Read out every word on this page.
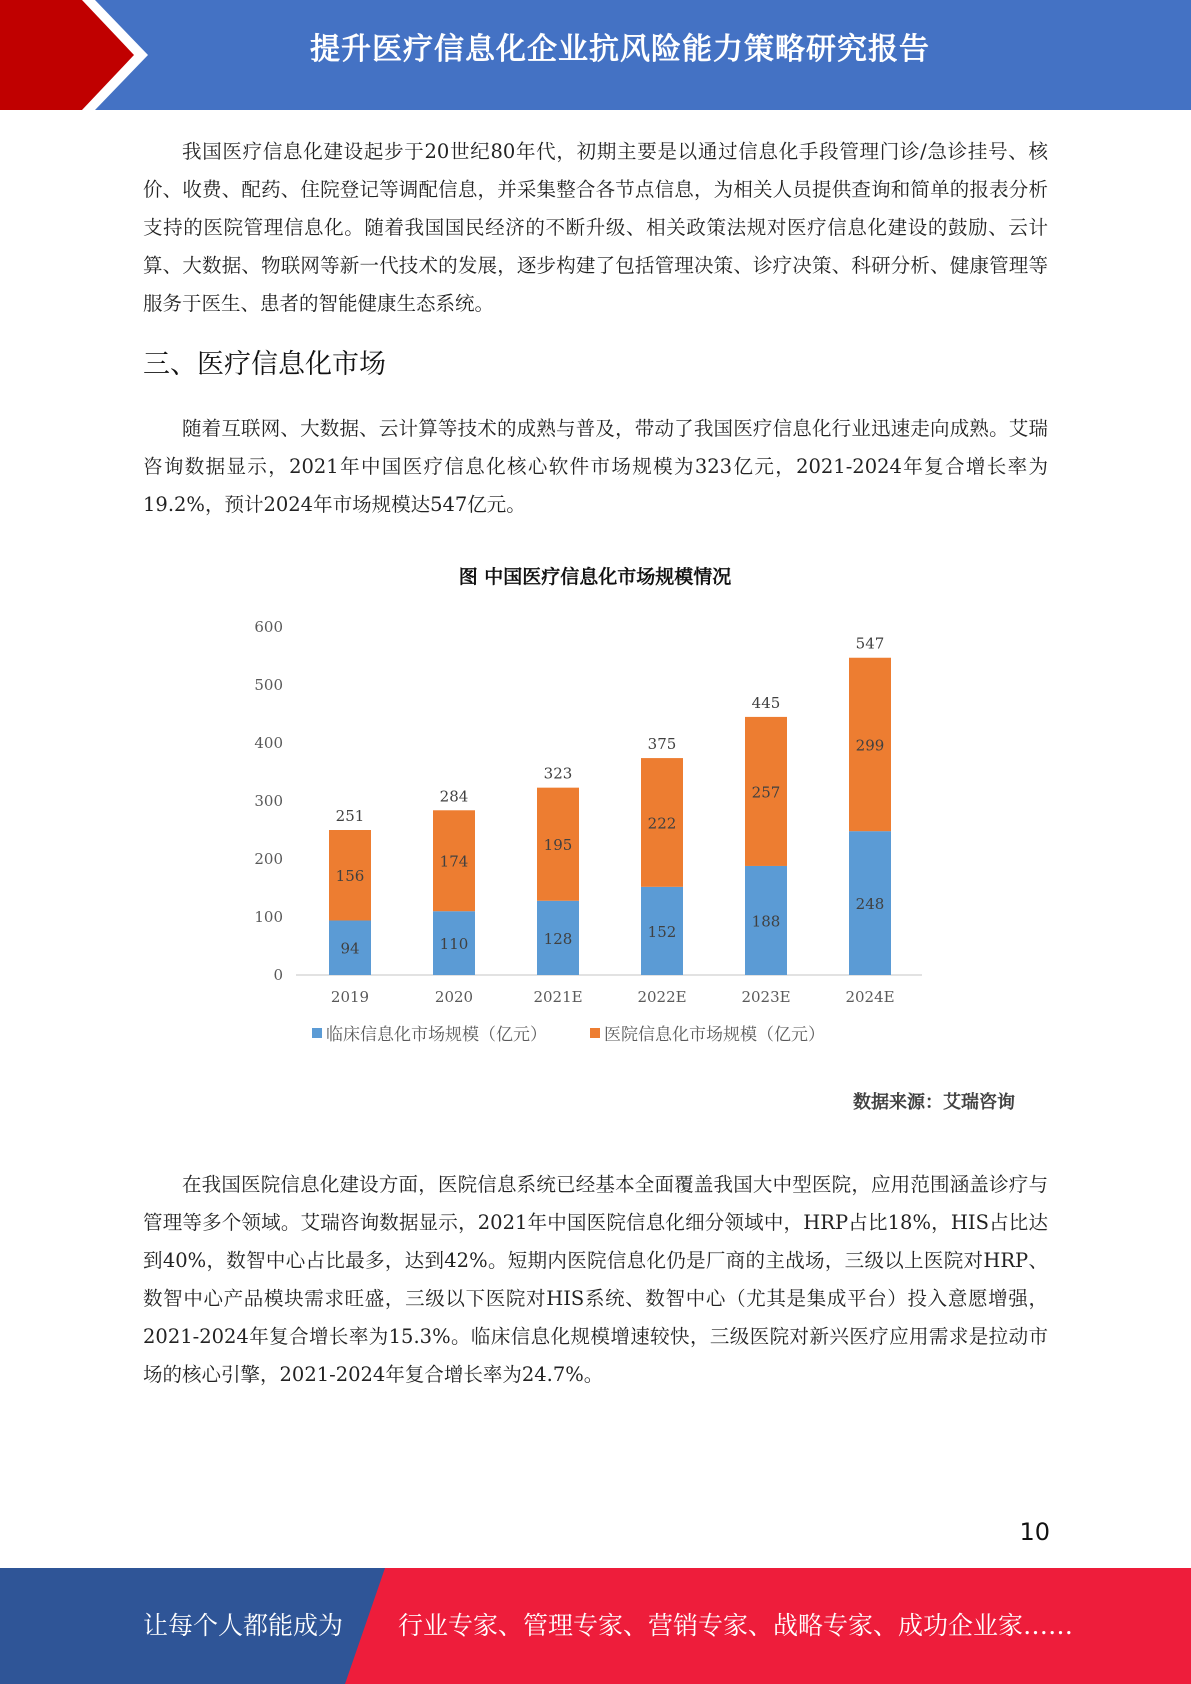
提升医疗信息化企业抗风险能力策略研究报告

我国医疗信息化建设起步于20世纪80年代，初期主要是以通过信息化手段管理门诊/急诊挂号、核价、收费、配药、住院登记等调配信息，并采集整合各节点信息，为相关人员提供查询和简单的报表分析支持的医院管理信息化。随着我国国民经济的不断升级、相关政策法规对医疗信息化建设的鼓励、云计算、大数据、物联网等新一代技术的发展，逐步构建了包括管理决策、诊疗决策、科研分析、健康管理等服务于医生、患者的智能健康生态系统。

三、医疗信息化市场

随着互联网、大数据、云计算等技术的成熟与普及，带动了我国医疗信息化行业迅速走向成熟。艾瑞咨询数据显示，2021年中国医疗信息化核心软件市场规模为323亿元，2021-2024年复合增长率为19.2%，预计2024年市场规模达547亿元。

图 中国医疗信息化市场规模情况
0
100
200
300
400
500
600
94
156
251
2019
110
174
284
2020
128
195
323
2021E
152
222
375
2022E
188
257
445
2023E
248
299
547
2024E
临床信息化市场规模（亿元）	医院信息化市场规模（亿元）
数据来源：艾瑞咨询

在我国医院信息化建设方面，医院信息系统已经基本全面覆盖我国大中型医院，应用范围涵盖诊疗与管理等多个领域。艾瑞咨询数据显示，2021年中国医院信息化细分领域中，HRP占比18%，HIS占比达到40%，数智中心占比最多，达到42%。短期内医院信息化仍是厂商的主战场，三级以上医院对HRP、数智中心产品模块需求旺盛，三级以下医院对HIS系统、数智中心（尤其是集成平台）投入意愿增强，2021-2024年复合增长率为15.3%。临床信息化规模增速较快，三级医院对新兴医疗应用需求是拉动市场的核心引擎，2021-2024年复合增长率为24.7%。

10
让每个人都能成为 行业专家、管理专家、营销专家、战略专家、成功企业家……
